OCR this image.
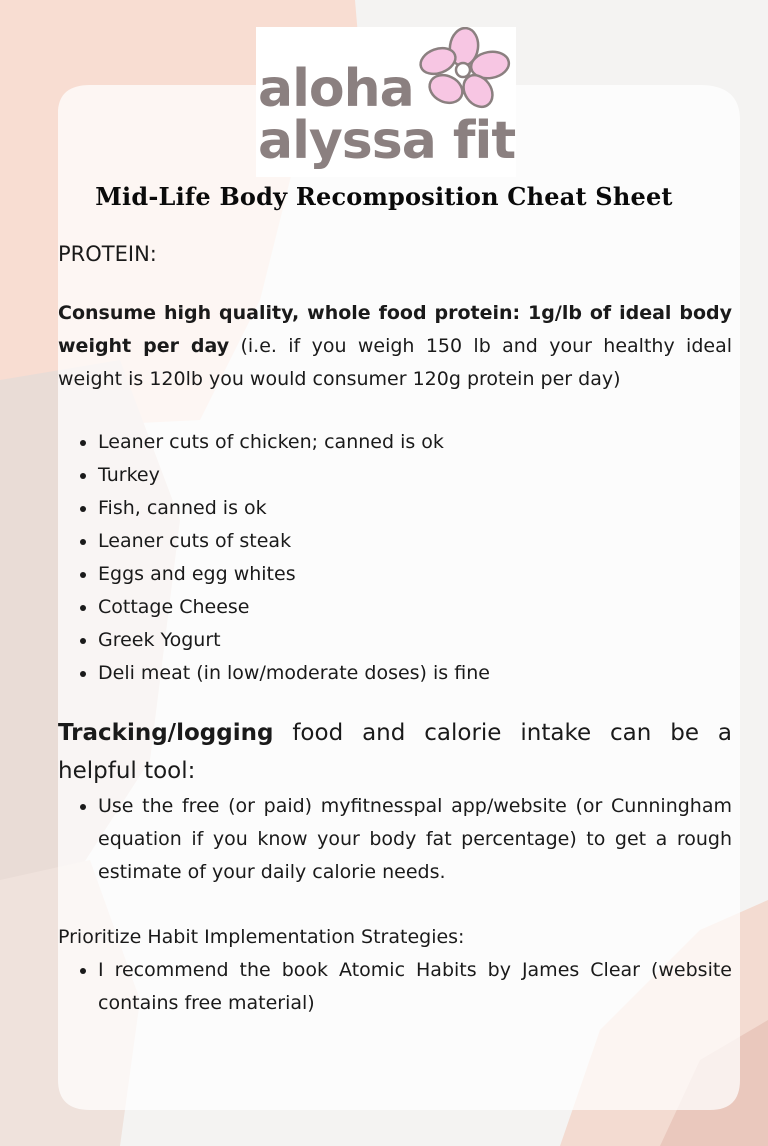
aloha
alyssa fit
Mid-Life Body Recomposition Cheat Sheet
PROTEIN:

Consume high quality, whole food protein: 1g/lb of ideal body weight per day (i.e. if you weigh 150 lb and your healthy ideal weight is 120lb you would consumer 120g protein per day)

Leaner cuts of chicken; canned is ok
Turkey
Fish, canned is ok
Leaner cuts of steak
Eggs and egg whites
Cottage Cheese
Greek Yogurt
Deli meat (in low/moderate doses) is fine

Tracking/logging food and calorie intake can be a helpful tool:

Use the free (or paid) myfitnesspal app/website (or Cunningham equation if you know your body fat percentage) to get a rough estimate of your daily calorie needs.
Prioritize Habit Implementation Strategies:
I recommend the book Atomic Habits by James Clear (website contains free material)
